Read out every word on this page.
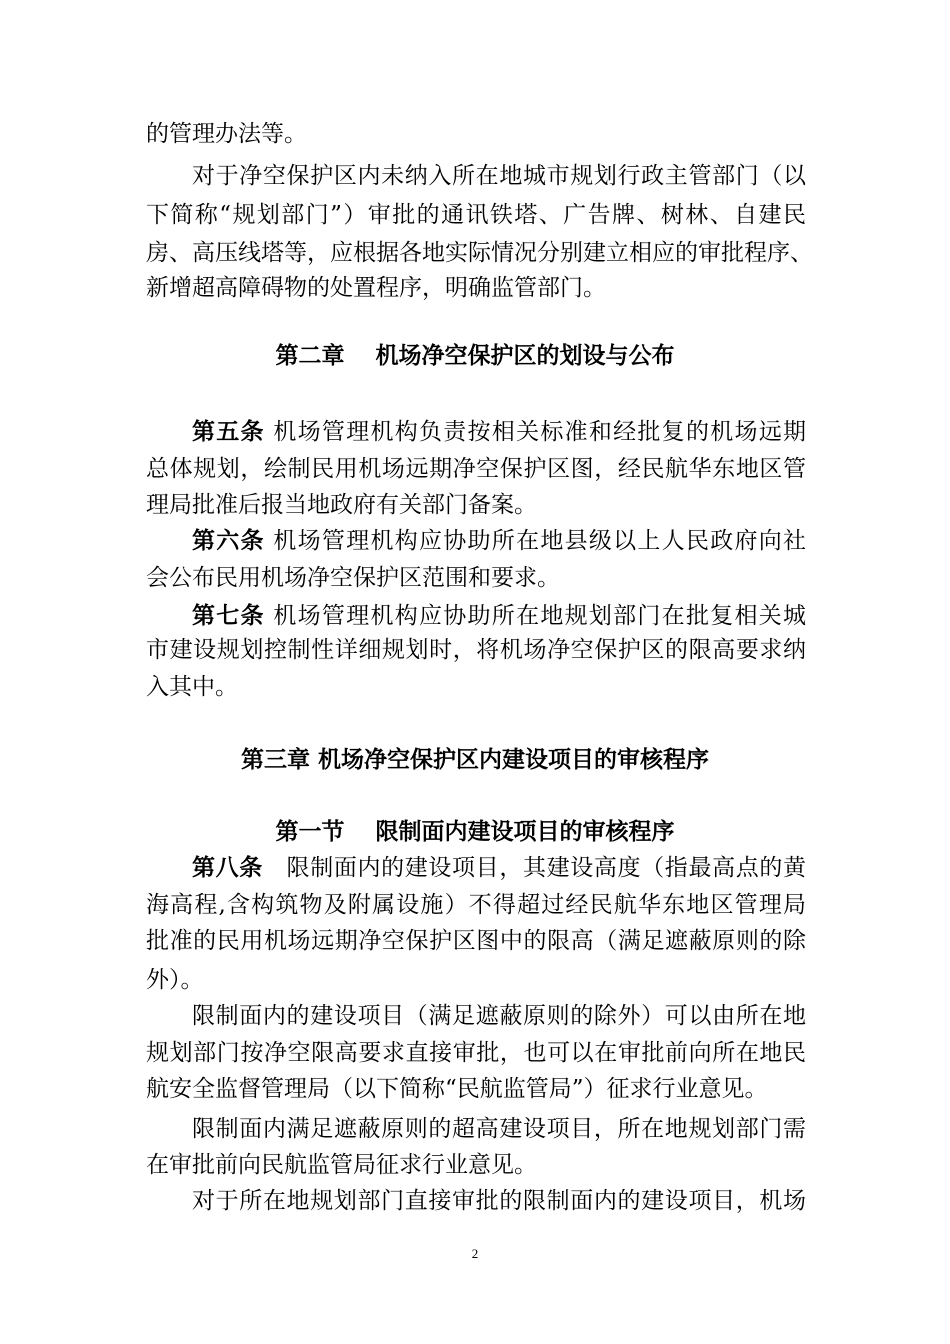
的管理办法等。
对于净空保护区内未纳入所在地城市规划行政主管部门（以
下简称“规划部门”）审批的通讯铁塔、广告牌、树林、自建民
房、高压线塔等，应根据各地实际情况分别建立相应的审批程序、
新增超高障碍物的处置程序，明确监管部门。
第二章　 机场净空保护区的划设与公布
第五条 机场管理机构负责按相关标准和经批复的机场远期
总体规划，绘制民用机场远期净空保护区图，经民航华东地区管
理局批准后报当地政府有关部门备案。
第六条 机场管理机构应协助所在地县级以上人民政府向社
会公布民用机场净空保护区范围和要求。
第七条 机场管理机构应协助所在地规划部门在批复相关城
市建设规划控制性详细规划时，将机场净空保护区的限高要求纳
入其中。
第三章 机场净空保护区内建设项目的审核程序
第一节　 限制面内建设项目的审核程序
第八条　限制面内的建设项目，其建设高度（指最高点的黄
海高程,含构筑物及附属设施）不得超过经民航华东地区管理局
批准的民用机场远期净空保护区图中的限高（满足遮蔽原则的除
外）。
限制面内的建设项目（满足遮蔽原则的除外）可以由所在地
规划部门按净空限高要求直接审批，也可以在审批前向所在地民
航安全监督管理局（以下简称“民航监管局”）征求行业意见。
限制面内满足遮蔽原则的超高建设项目，所在地规划部门需
在审批前向民航监管局征求行业意见。
对于所在地规划部门直接审批的限制面内的建设项目，机场
2
